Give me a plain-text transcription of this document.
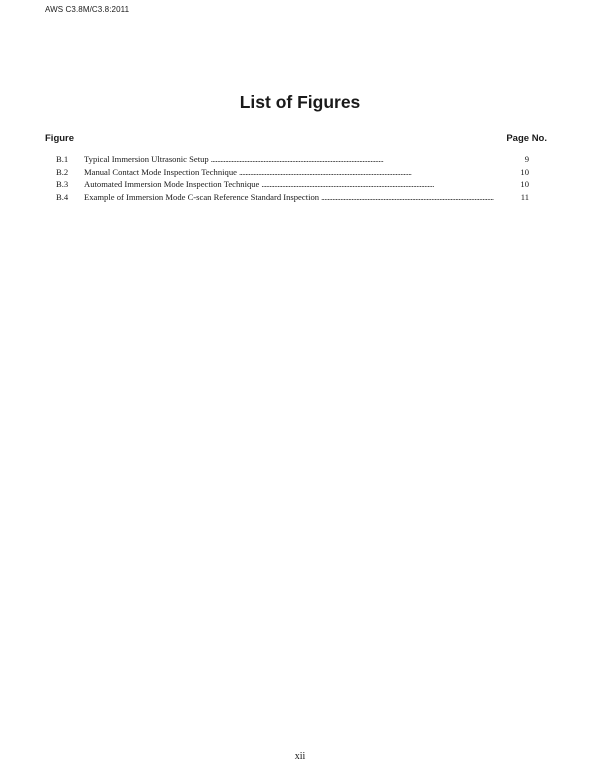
AWS C3.8M/C3.8:2011
List of Figures
Figure	Page No.
B.1	Typical Immersion Ultrasonic Setup . . .	9
B.2	Manual Contact Mode Inspection Technique . . .	10
B.3	Automated Immersion Mode Inspection Technique . . .	10
B.4	Example of Immersion Mode C-scan Reference Standard Inspection . . .	11
xii
